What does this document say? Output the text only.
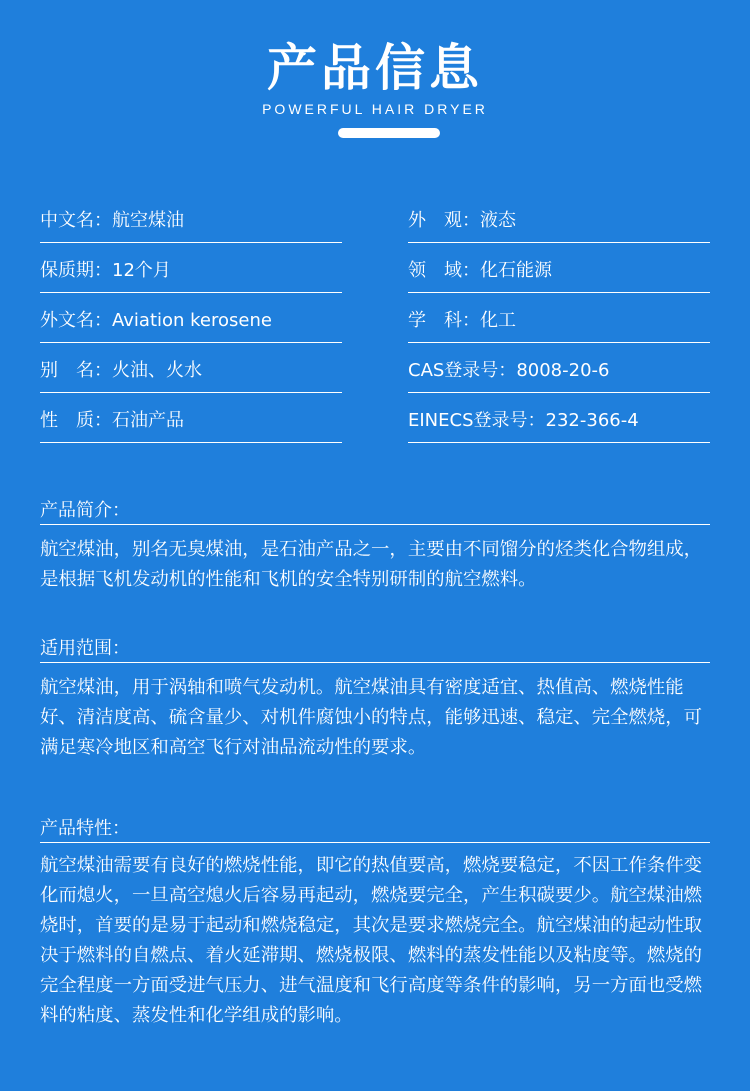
产品信息
POWERFUL HAIR DRYER
中文名：航空煤油
保质期：12个月
外文名：Aviation kerosene
别　名：火油、火水
性　质：石油产品
外　观：液态
领　域：化石能源
学　科：化工
CAS登录号：8008-20-6
EINECS登录号：232-366-4
产品简介：
航空煤油，别名无臭煤油，是石油产品之一，主要由不同馏分的烃类化合物组成，是根据飞机发动机的性能和飞机的安全特别研制的航空燃料。
适用范围：
航空煤油，用于涡轴和喷气发动机。航空煤油具有密度适宜、热值高、燃烧性能好、清洁度高、硫含量少、对机件腐蚀小的特点，能够迅速、稳定、完全燃烧，可满足寒冷地区和高空飞行对油品流动性的要求。
产品特性：
航空煤油需要有良好的燃烧性能，即它的热值要高，燃烧要稳定，不因工作条件变化而熄火，一旦高空熄火后容易再起动，燃烧要完全，产生积碳要少。航空煤油燃烧时，首要的是易于起动和燃烧稳定，其次是要求燃烧完全。航空煤油的起动性取决于燃料的自燃点、着火延滞期、燃烧极限、燃料的蒸发性能以及粘度等。燃烧的完全程度一方面受进气压力、进气温度和飞行高度等条件的影响，另一方面也受燃料的粘度、蒸发性和化学组成的影响。
